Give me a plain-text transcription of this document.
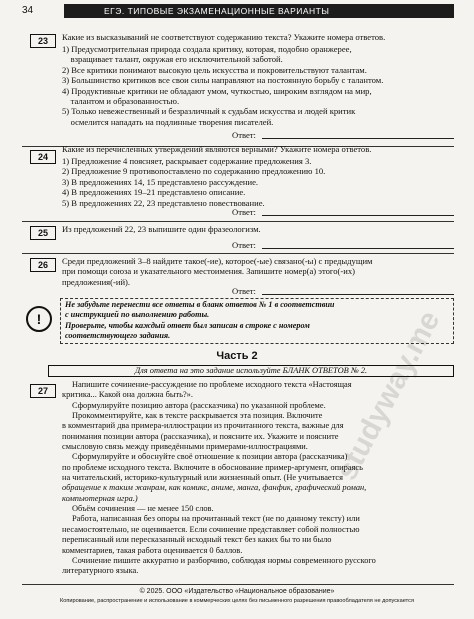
34	ЕГЭ. ТИПОВЫЕ ЭКЗАМЕНАЦИОННЫЕ ВАРИАНТЫ
23	Какие из высказываний не соответствуют содержанию текста? Укажите номера ответов.
1) Предусмотрительная природа создала критику, которая, подобно оранжерее,
взращивает талант, окружая его исключительной заботой.
2) Все критики понимают высокую цель искусства и покровительствуют талантам.
3) Большинство критиков все свои силы направляют на постоянную борьбу с талантом.
4) Продуктивные критики не обладают умом, чуткостью, широким взглядом на мир,
талантом и образованностью.
5) Только невежественный и безразличный к судьбам искусства и людей критик
осмелится нападать на подлинные творения писателей.
Ответ:
24
Какие из перечисленных утверждений являются верными? Укажите номера ответов.
1) Предложение 4 поясняет, раскрывает содержание предложения 3.
2) Предложение 9 противопоставлено по содержанию предложению 10.
3) В предложениях 14, 15 представлено рассуждение.
4) В предложениях 19–21 представлено описание.
5) В предложениях 22, 23 представлено повествование.
Ответ:
25	Из предложений 22, 23 выпишите один фразеологизм.
Ответ:
26	Среди предложений 3–8 найдите такое(-ие), которое(-ые) связано(-ы) с предыдущим
при помощи союза и указательного местоимения. Запишите номер(а) этого(-их)
предложения(-ий).
Ответ:
!
Не забудьте перенести все ответы в бланк ответов № 1 в соответствии
с инструкцией по выполнению работы.
Проверьте, чтобы каждый ответ был записан в строке с номером
соответствующего задания.
Часть 2
Для ответа на это задание используйте БЛАНК ОТВЕТОВ № 2.
27
Напишите сочинение-рассуждение по проблеме исходного текста «Настоящая
критика... Какой она должна быть?».
Сформулируйте позицию автора (рассказчика) по указанной проблеме.
Прокомментируйте, как в тексте раскрывается эта позиция. Включите
в комментарий два примера-иллюстрации из прочитанного текста, важные для
понимания позиции автора (рассказчика), и поясните их. Укажите и поясните
смысловую связь между приведёнными примерами-иллюстрациями.
Сформулируйте и обоснуйте своё отношение к позиции автора (рассказчика)
по проблеме исходного текста. Включите в обоснование пример-аргумент, опираясь
на читательский, историко-культурный или жизненный опыт. (Не учитывается
обращение к таким жанрам, как комикс, аниме, манга, фанфик, графический роман,
компьютерная игра.)
Объём сочинения — не менее 150 слов.
Работа, написанная без опоры на прочитанный текст (не по данному тексту) или
несамостоятельно, не оценивается. Если сочинение представляет собой полностью
переписанный или пересказанный исходный текст без каких бы то ни было
комментариев, такая работа оценивается 0 баллов.
Сочинение пишите аккуратно и разборчиво, соблюдая нормы современного русского
литературного языка.
© 2025. ООО «Издательство «Национальное образование»
Копирование, распространение и использование в коммерческих целях без письменного разрешения правообладателя не допускается
studyway.me
